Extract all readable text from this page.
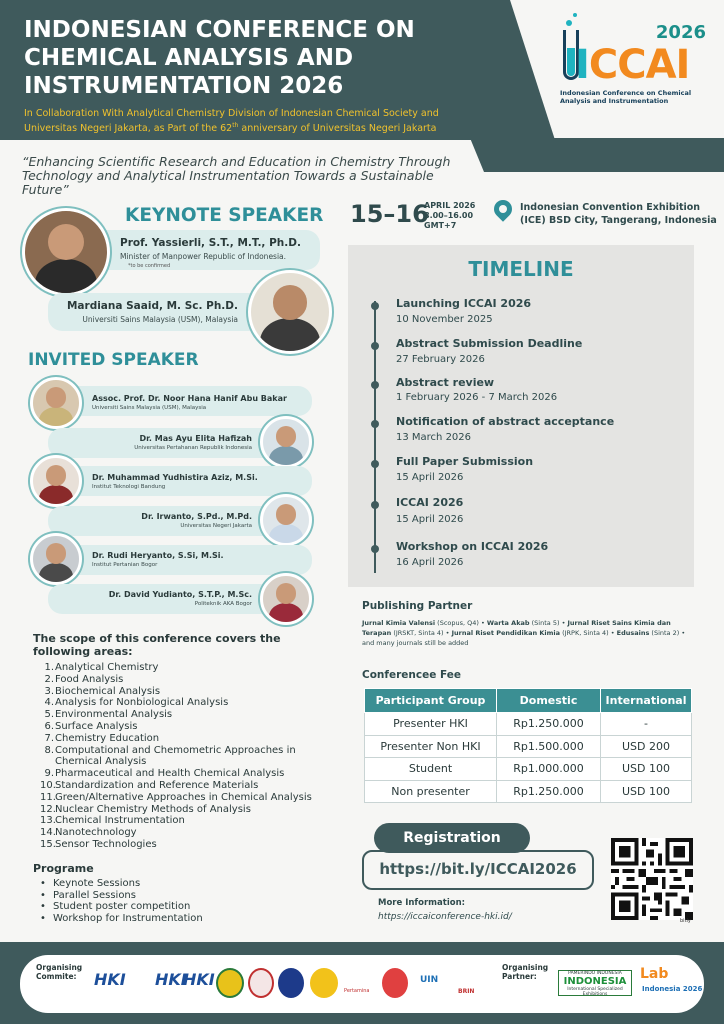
INDONESIAN CONFERENCE ON CHEMICAL ANALYSIS AND INSTRUMENTATION 2026
In Collaboration With Analytical Chemistry Division of Indonesian Chemical Society and Universitas Negeri Jakarta, as Part of the 62th anniversary of Universitas Negeri Jakarta
2026
ICCAI
Indonesian Conference on Chemical Analysis and Instrumentation
“Enhancing Scientific Research and Education in Chemistry Through Technology and Analytical Instrumentation Towards a Sustainable Future”
KEYNOTE SPEAKER
Prof. Yassierli, S.T., M.T., Ph.D.
Minister of Manpower Republic of Indonesia.
*to be confirmed
Mardiana Saaid, M. Sc. Ph.D.
Universiti Sains Malaysia (USM), Malaysia
INVITED SPEAKER
Assoc. Prof. Dr. Noor Hana Hanif Abu Bakar
Universiti Sains Malaysia (USM), Malaysia
Dr. Mas Ayu Elita Hafizah
Universitas Pertahanan Republik Indonesia
Dr. Muhammad Yudhistira Aziz, M.Si.
Institut Teknologi Bandung
Dr. Irwanto, S.Pd., M.Pd.
Universitas Negeri Jakarta
Dr. Rudi Heryanto, S.Si, M.Si.
Institut Pertanian Bogor
Dr. David Yudianto, S.T.P., M.Sc.
Politeknik AKA Bogor
15–16
APRIL 2026
8.00–16.00
GMT+7
Indonesian Convention Exhibition (ICE) BSD City, Tangerang, Indonesia
TIMELINE
Launching ICCAI 2026
10 November 2025
Abstract Submission Deadline
27 February 2026
Abstract review
1 February 2026 - 7 March 2026
Notification of abstract acceptance
13 March 2026
Full Paper Submission
15 April 2026
ICCAI 2026
15 April 2026
Workshop on ICCAI 2026
16 April 2026
Publishing Partner
Jurnal Kimia Valensi (Scopus, Q4) • Warta Akab (Sinta 5) • Jurnal Riset Sains Kimia dan Terapan (JRSKT, Sinta 4) • Jurnal Riset Pendidikan Kimia (JRPK, Sinta 4) • Edusains (Sinta 2) •
and many journals still be added
Conferencee Fee
Participant Group	Domestic	International
Presenter HKI	Rp1.250.000	-
Presenter Non HKI	Rp1.500.000	USD 200
Student	Rp1.000.000	USD 100
Non presenter	Rp1.250.000	USD 100
Registration
https://bit.ly/ICCAI2026
More Information:
https://iccaiconference-hki.id/	bitly
The scope of this conference covers the following areas:
1. Analytical Chemistry
2. Food Analysis
3. Biochemical Analysis
4. Analysis for Nonbiological Analysis
5. Environmental Analysis
6. Surface Analysis
7. Chemistry Education
8. Computational and Chemometric Approaches in Chernical Analysis
9. Pharmaceutical and Health Chemical Analysis
10. Standardization and Reference Materials
11. Green/Alternative Approaches in Chemical Analysis
12. Nuclear Chemistry Methods of Analysis
13. Chemical Instrumentation
14. Nanotechnology
15. Sensor Technologies
Programe
• Keynote Sessions
• Parallel Sessions
• Student poster competition
• Workshop for Instrumentation
Organising Commite:	HKI HKI
HKI
Pertamina
UIN
BRIN
Organising Partner:	PAMERINDO INDONESIA
INDONESIA
International Specialized Exhibitions
Lab
Indonesia 2026
